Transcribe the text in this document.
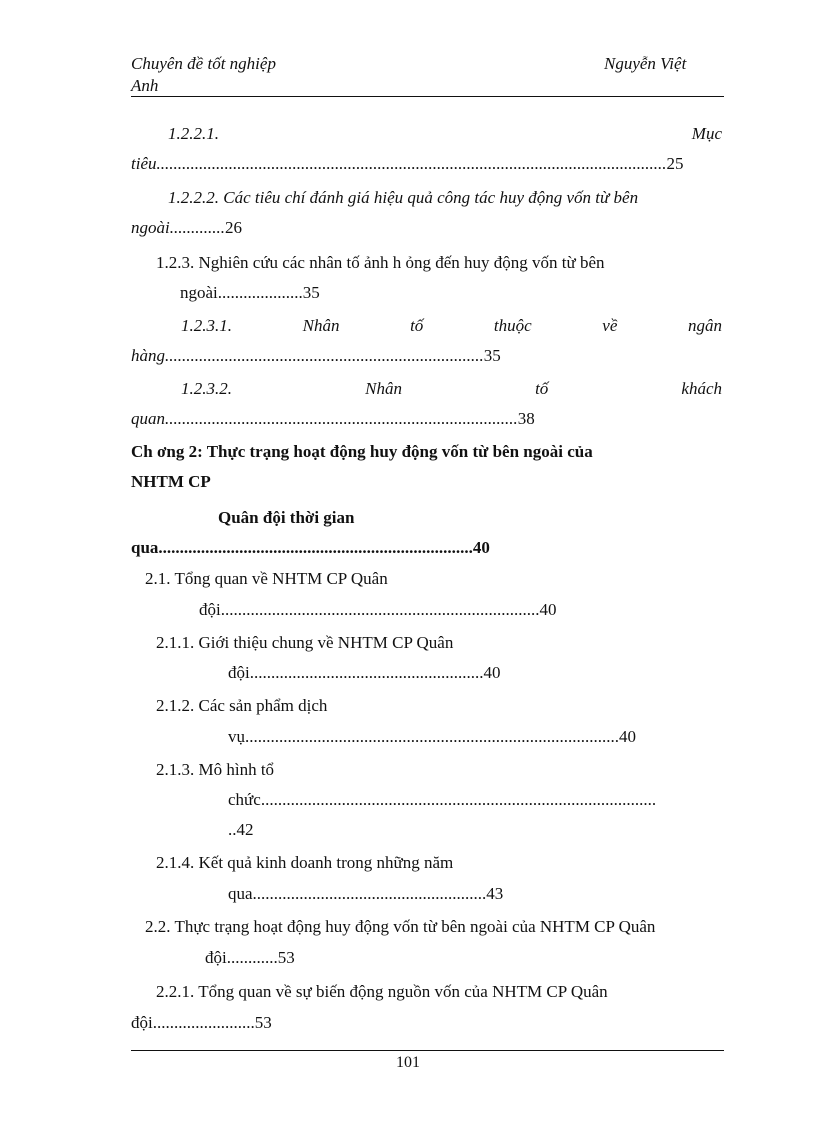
Chuyên đề tốt nghiệp	Nguyễn Việt
Anh
1.2.2.1.	Mục
tiêu........................................................................................................................25
1.2.2.2. Các tiêu chí đánh giá hiệu quả công tác huy động vốn từ bên
ngoài.............26
1.2.3. Nghiên cứu các nhân tố ảnh h ỏng đến huy động vốn từ bên
ngoài....................35
1.2.3.1.	Nhân	tố	thuộc	về	ngân
hàng...........................................................................35
1.2.3.2.	Nhân	tố	khách
quan...................................................................................38
Ch ơng 2: Thực trạng hoạt động huy động vốn từ bên ngoài của
NHTM CP
Quân đội thời gian
qua..........................................................................40
2.1. Tổng quan về NHTM CP Quân
đội...........................................................................40
2.1.1. Giới thiệu chung về NHTM CP Quân
đội.......................................................40
2.1.2. Các sản phẩm dịch
vụ........................................................................................40
2.1.3. Mô hình tổ
chức.............................................................................................
..42
2.1.4. Kết quả kinh doanh trong những năm
qua.......................................................43
2.2. Thực trạng hoạt động huy động vốn từ bên ngoài của NHTM CP Quân
đội............53
2.2.1. Tổng quan về sự biến động nguồn vốn của NHTM CP Quân
đội........................53
101
